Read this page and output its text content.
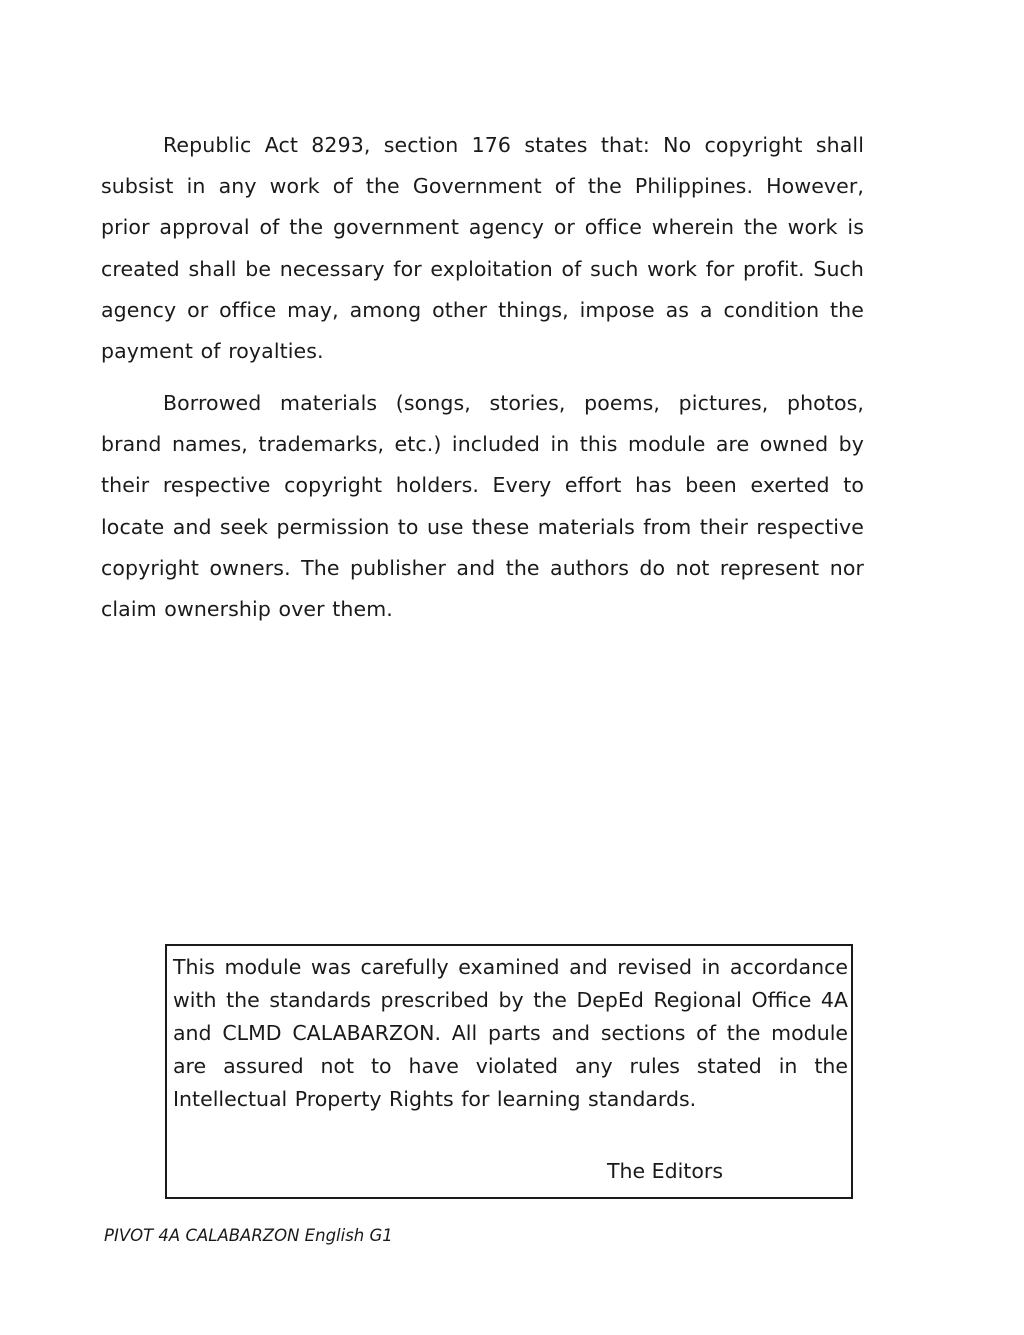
Republic Act 8293, section 176 states that: No copyright shall subsist in any work of the Government of the Philippines. However, prior approval of the government agency or office wherein the work is created shall be necessary for exploitation of such work for profit. Such agency or office may, among other things, impose as a condition the payment of royalties.

Borrowed materials (songs, stories, poems, pictures, photos, brand names, trademarks, etc.) included in this module are owned by their respective copyright holders. Every effort has been exerted to locate and seek permission to use these materials from their respective copyright owners. The publisher and the authors do not represent nor claim ownership over them.

This module was carefully examined and revised in accordance with the standards prescribed by the DepEd Regional Office 4A and CLMD CALABARZON. All parts and sections of the module are assured not to have violated any rules stated in the Intellectual Property Rights for learning standards.

The Editors

PIVOT 4A CALABARZON English G1
